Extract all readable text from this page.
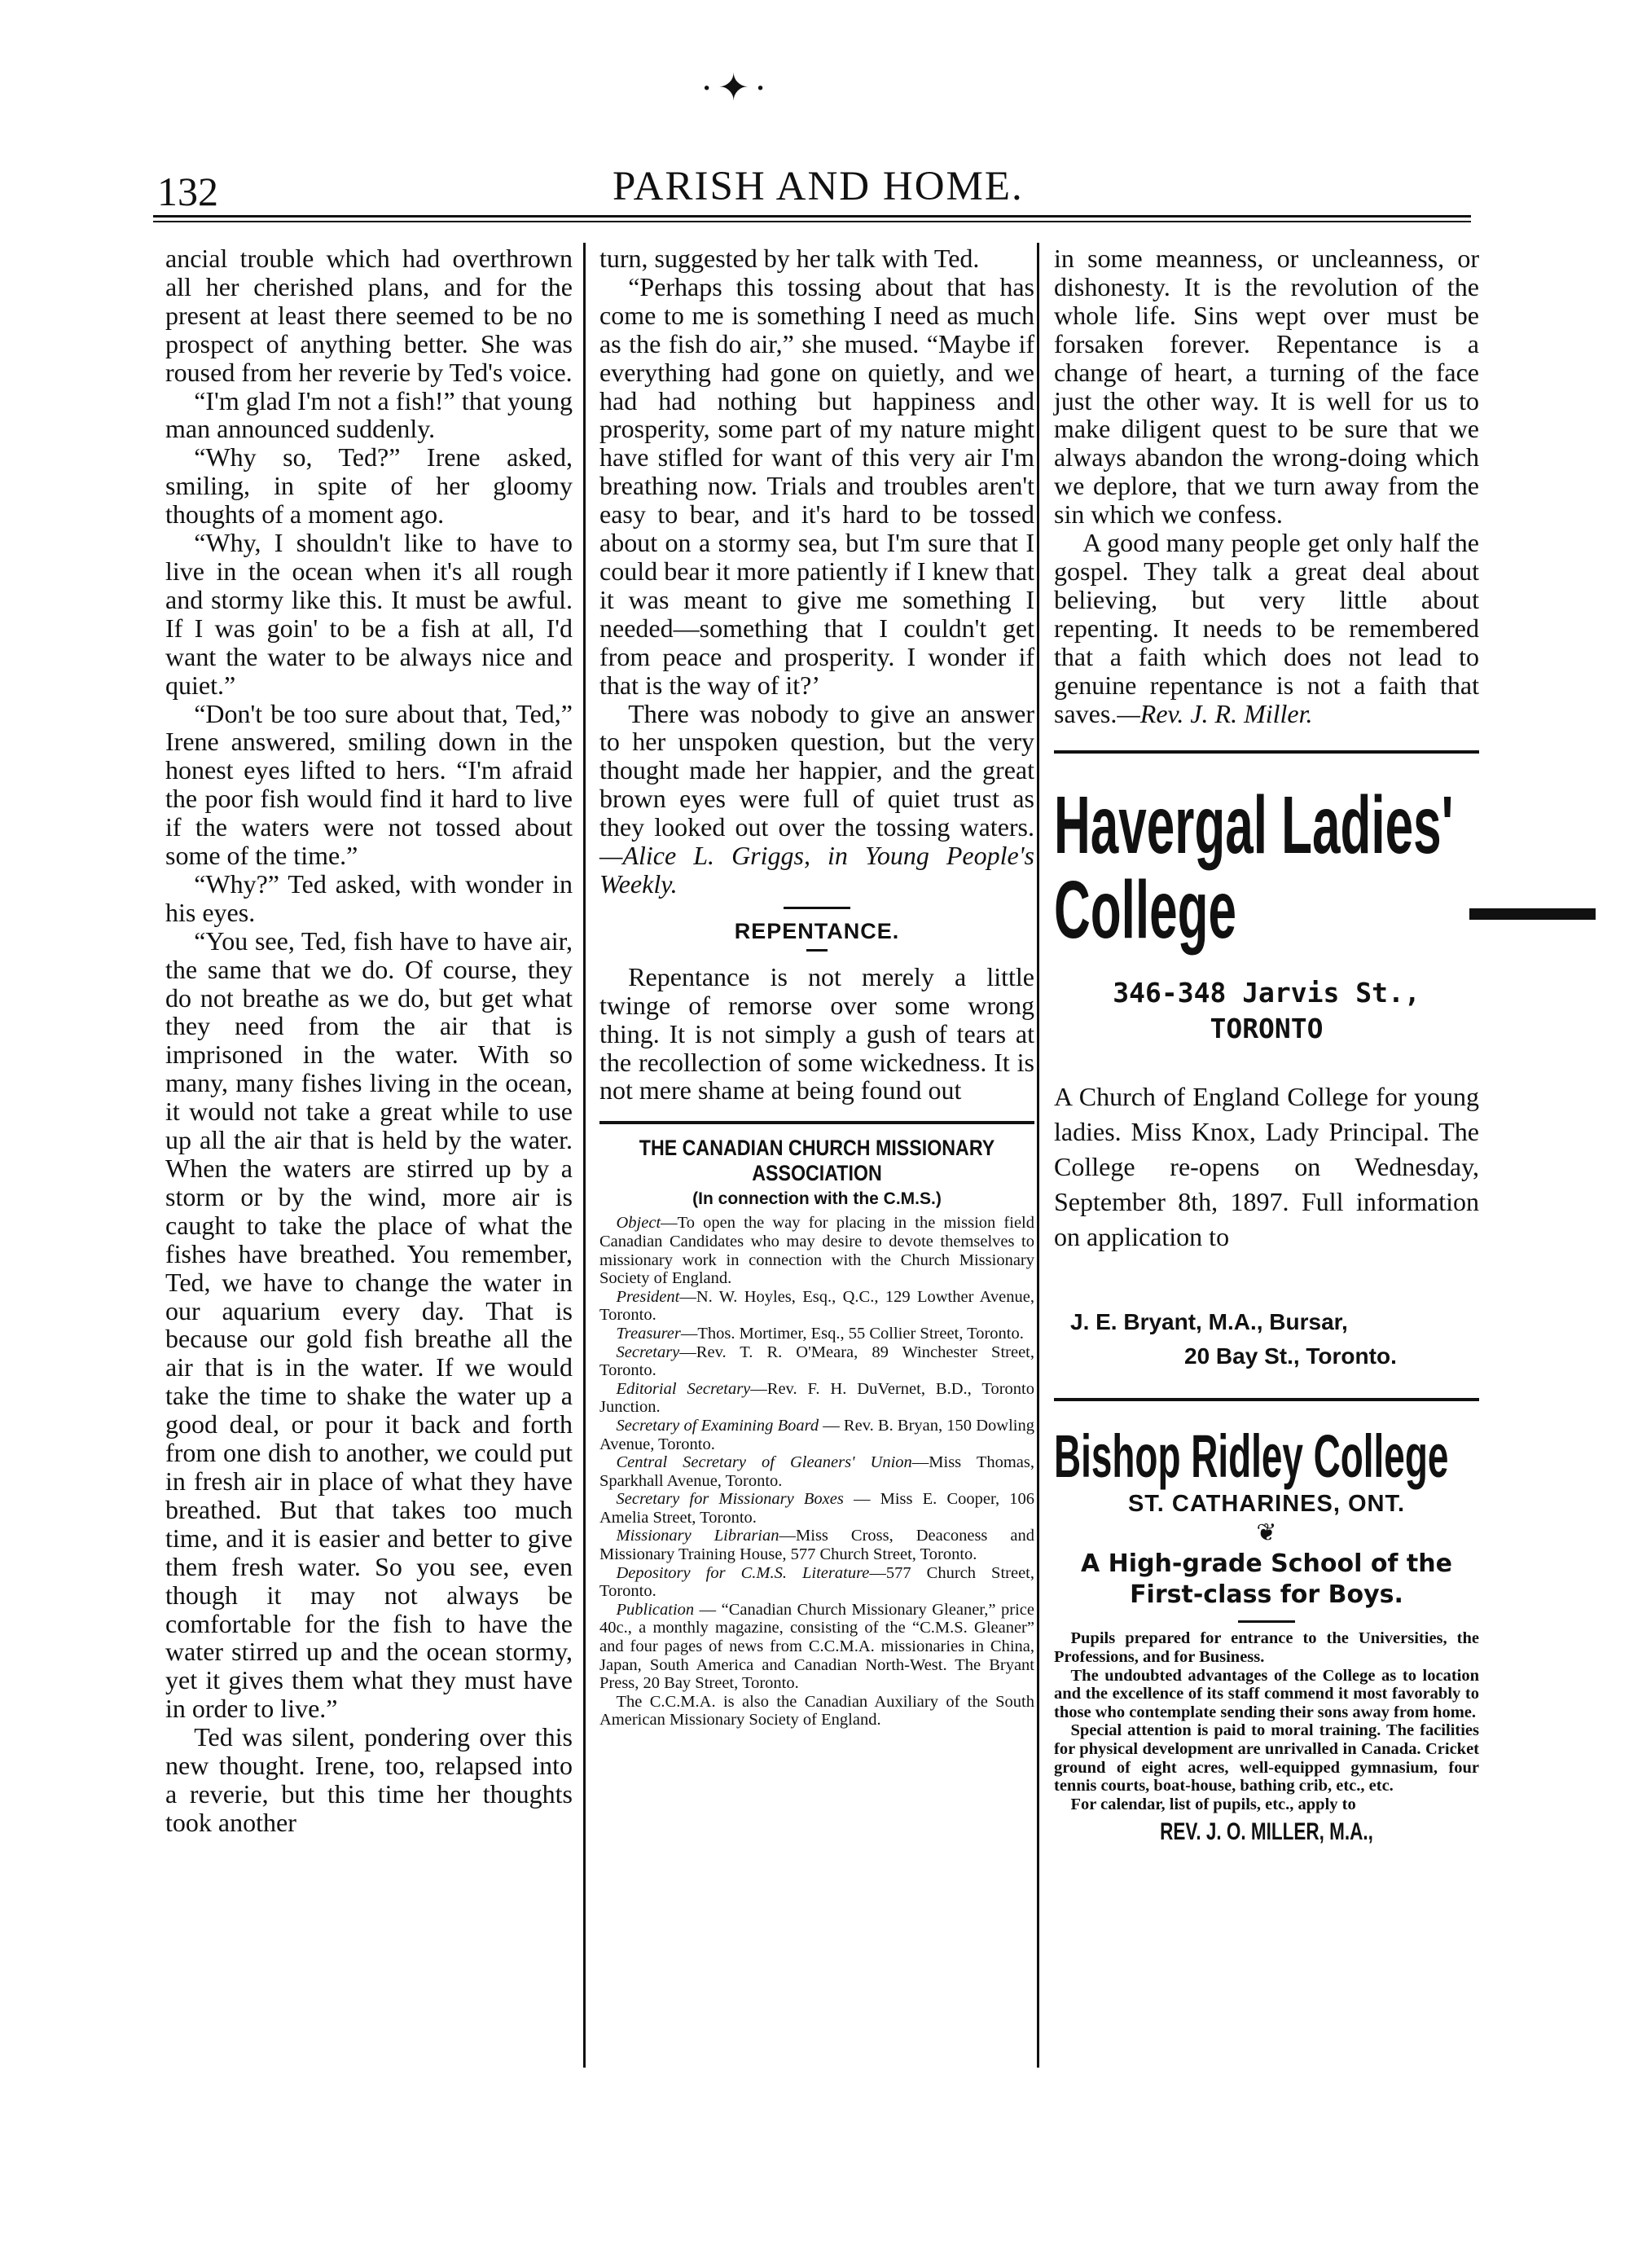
·✦·
132	PARISH AND HOME.

ancial trouble which had overthrown all her cherished plans, and for the present at least there seemed to be no prospect of anything better. She was roused from her reverie by Ted's voice.

“I'm glad I'm not a fish!” that young man announced suddenly.

“Why so, Ted?” Irene asked, smiling, in spite of her gloomy thoughts of a moment ago.

“Why, I shouldn't like to have to live in the ocean when it's all rough and stormy like this. It must be awful. If I was goin' to be a fish at all, I'd want the water to be always nice and quiet.”

“Don't be too sure about that, Ted,” Irene answered, smiling down in the honest eyes lifted to hers. “I'm afraid the poor fish would find it hard to live if the waters were not tossed about some of the time.”

“Why?” Ted asked, with wonder in his eyes.

“You see, Ted, fish have to have air, the same that we do. Of course, they do not breathe as we do, but get what they need from the air that is imprisoned in the water. With so many, many fishes living in the ocean, it would not take a great while to use up all the air that is held by the water. When the waters are stirred up by a storm or by the wind, more air is caught to take the place of what the fishes have breathed. You remember, Ted, we have to change the water in our aquarium every day. That is because our gold fish breathe all the air that is in the water. If we would take the time to shake the water up a good deal, or pour it back and forth from one dish to another, we could put in fresh air in place of what they have breathed. But that takes too much time, and it is easier and better to give them fresh water. So you see, even though it may not always be comfortable for the fish to have the water stirred up and the ocean stormy, yet it gives them what they must have in order to live.”

Ted was silent, pondering over this new thought. Irene, too, relapsed into a reverie, but this time her thoughts took another

turn, suggested by her talk with Ted.

“Perhaps this tossing about that has come to me is something I need as much as the fish do air,” she mused. “Maybe if everything had gone on quietly, and we had had nothing but happiness and prosperity, some part of my nature might have stifled for want of this very air I'm breathing now. Trials and troubles aren't easy to bear, and it's hard to be tossed about on a stormy sea, but I'm sure that I could bear it more patiently if I knew that it was meant to give me something I needed—something that I couldn't get from peace and prosperity. I wonder if that is the way of it?’

There was nobody to give an answer to her unspoken question, but the very thought made her happier, and the great brown eyes were full of quiet trust as they looked out over the tossing waters.—Alice L. Griggs, in Young People's Weekly.

REPENTANCE.

Repentance is not merely a little twinge of remorse over some wrong thing. It is not simply a gush of tears at the recollection of some wickedness. It is not mere shame at being found out

THE CANADIAN CHURCH MISSIONARY ASSOCIATION

(In connection with the C.M.S.)

Object—To open the way for placing in the mission field Canadian Candidates who may desire to devote themselves to missionary work in connection with the Church Missionary Society of England.

President—N. W. Hoyles, Esq., Q.C., 129 Lowther Avenue, Toronto.

Treasurer—Thos. Mortimer, Esq., 55 Collier Street, Toronto.

Secretary—Rev. T. R. O'Meara, 89 Winchester Street, Toronto.

Editorial Secretary—Rev. F. H. DuVernet, B.D., Toronto Junction.

Secretary of Examining Board — Rev. B. Bryan, 150 Dowling Avenue, Toronto.

Central Secretary of Gleaners' Union—Miss Thomas, Sparkhall Avenue, Toronto.

Secretary for Missionary Boxes — Miss E. Cooper, 106 Amelia Street, Toronto.

Missionary Librarian—Miss Cross, Deaconess and Missionary Training House, 577 Church Street, Toronto.

Depository for C.M.S. Literature—577 Church Street, Toronto.

Publication — “Canadian Church Missionary Gleaner,” price 40c., a monthly magazine, consisting of the “C.M.S. Gleaner” and four pages of news from C.C.M.A. missionaries in China, Japan, South America and Canadian North-West. The Bryant Press, 20 Bay Street, Toronto.

The C.C.M.A. is also the Canadian Auxiliary of the South American Missionary Society of England.

in some meanness, or uncleanness, or dishonesty. It is the revolution of the whole life. Sins wept over must be forsaken forever. Repentance is a change of heart, a turning of the face just the other way. It is well for us to make diligent quest to be sure that we always abandon the wrong-doing which we deplore, that we turn away from the sin which we confess.

A good many people get only half the gospel. They talk a great deal about believing, but very little about repenting. It needs to be remembered that a faith which does not lead to genuine repentance is not a faith that saves.—Rev. J. R. Miller.

Havergal Ladies'
College

346-348 Jarvis St.,

TORONTO

A Church of England College for young ladies. Miss Knox, Lady Principal. The College re-opens on Wednesday, September 8th, 1897. Full information on application to

J. E. Bryant, M.A., Bursar,

20 Bay St., Toronto.

Bishop Ridley College

ST. CATHARINES, ONT.

❦

A High-grade School of the First-class for Boys.

Pupils prepared for entrance to the Universities, the Professions, and for Business.

The undoubted advantages of the College as to location and the excellence of its staff commend it most favorably to those who contemplate sending their sons away from home.

Special attention is paid to moral training. The facilities for physical development are unrivalled in Canada. Cricket ground of eight acres, well-equipped gymnasium, four tennis courts, boat-house, bathing crib, etc., etc.

For calendar, list of pupils, etc., apply to

REV. J. O. MILLER, M.A.,
